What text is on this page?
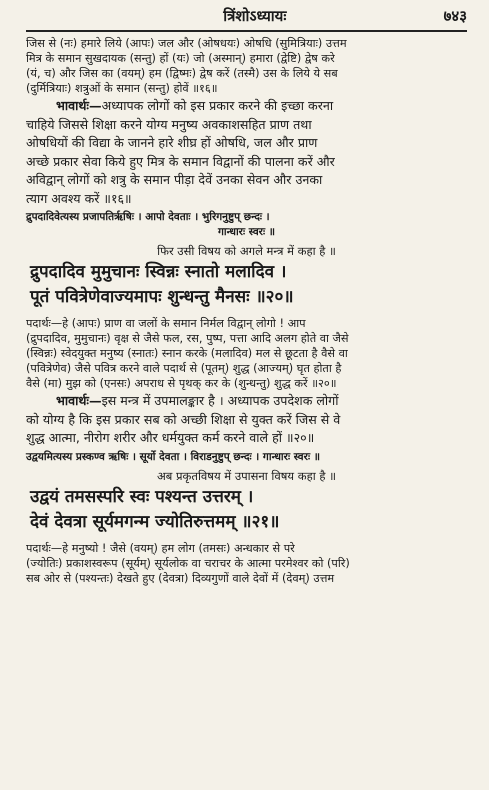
त्रिंशोऽध्यायः	७४३

जिस से (नः) हमारे लिये (आपः) जल और (ओषधयः) ओषधि (सुमित्रियाः) उत्तम

मित्र के समान सुखदायक (सन्तु) हों (यः) जो (अस्मान्) हमारा (द्वेष्टि) द्वेष करे

(यं, च) और जिस का (वयम्) हम (द्विष्मः) द्वेष करें (तस्मै) उस के लिये ये सब

(दुर्मित्रियाः) शत्रुओं के समान (सन्तु) होवें ॥१६॥

भावार्थः—अध्यापक लोगों को इस प्रकार करने की इच्छा करना

चाहिये जिससे शिक्षा करने योग्य मनुष्य अवकाशसहित प्राण तथा

ओषधियों की विद्या के जानने हारे शीघ्र हों ओषधि, जल और प्राण

अच्छे प्रकार सेवा किये हुए मित्र के समान विद्वानों की पालना करें और

अविद्वान् लोगों को शत्रु के समान पीड़ा देवें उनका सेवन और उनका

त्याग अवश्य करें ॥१६॥

द्रुपदादिवेत्यस्य प्रजापतिर्ऋषिः । आपो देवताः । भुरिगनुष्टुप् छन्दः ।

गान्धारः स्वरः ॥

फिर उसी विषय को अगले मन्त्र में कहा है ॥

द्रुपदादिव मुमुचानः स्विन्नः स्नातो मलादिव ।

पूतं पवित्रेणेवाज्यमापः शुन्धन्तु मैनसः ॥२०॥

पदार्थः—हे (आपः) प्राण वा जलों के समान निर्मल विद्वान् लोगो ! आप

(द्रुपदादिव, मुमुचानः) वृक्ष से जैसे फल, रस, पुष्प, पत्ता आदि अलग होते वा जैसे

(स्विन्नः) स्वेदयुक्त मनुष्य (स्नातः) स्नान करके (मलादिव) मल से छूटता है वैसे वा

(पवित्रेणेव) जैसे पवित्र करने वाले पदार्थ से (पूतम्) शुद्ध (आज्यम्) घृत होता है

वैसे (मा) मुझ को (एनसः) अपराध से पृथक् कर के (शुन्धन्तु) शुद्ध करें ॥२०॥

भावार्थः—इस मन्त्र में उपमालङ्कार है । अध्यापक उपदेशक लोगों

को योग्य है कि इस प्रकार सब को अच्छी शिक्षा से युक्त करें जिस से वे

शुद्ध आत्मा, नीरोग शरीर और धर्मयुक्त कर्म करने वाले हों ॥२०॥

उद्वयमित्यस्य प्रस्कण्व ऋषिः । सूर्यो देवता । विराडनुष्टुप् छन्दः । गान्धारः स्वरः ॥

अब प्रकृतविषय में उपासना विषय कहा है ॥

उद्वयं तमसस्परि स्वः पश्यन्त उत्तरम् ।

देवं देवत्रा सूर्यमगन्म ज्योतिरुत्तमम् ॥२१॥

पदार्थः—हे मनुष्यो ! जैसे (वयम्) हम लोग (तमसः) अन्धकार से परे

(ज्योतिः) प्रकाशस्वरूप (सूर्यम्) सूर्यलोक वा चराचर के आत्मा परमेश्वर को (परि)

सब ओर से (पश्यन्तः) देखते हुए (देवत्रा) दिव्यगुणों वाले देवों में (देवम्) उत्तम
